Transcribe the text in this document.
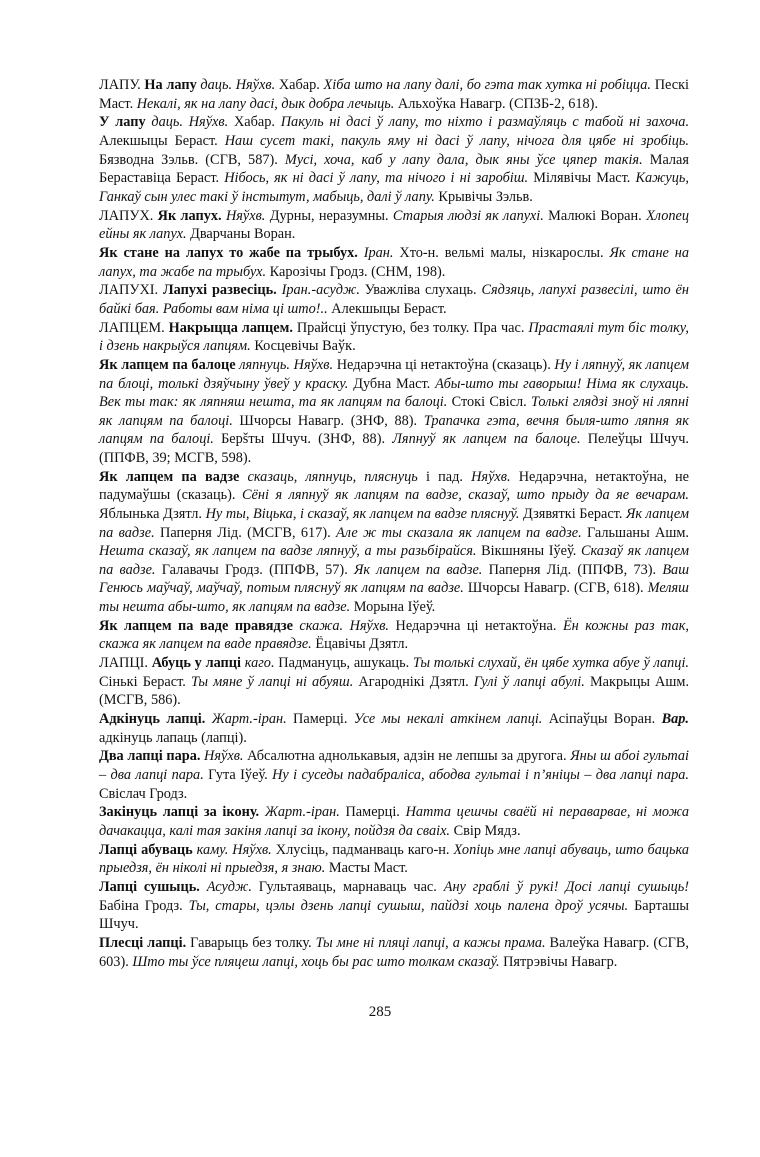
ЛАПУ. На лапу даць. Няўхв. Хабар. Хіба што на лапу далі, бо гэта так хутка ні робіцца. Пескі Маст. Некалі, як на лапу дасі, дык добра лечыць. Альхоўка Навагр. (СПЗБ-2, 618).
У лапу даць. Няўхв. Хабар. Пакуль ні дасі ў лапу, то ніхто і размаўляць с табой ні захоча. Алекшыцы Бераст. Наш сусет такі, пакуль яму ні дасі ў лапу, нічога для цябе ні зробіць. Бязводна Зэльв. (СГВ, 587). Мусі, хоча, каб у лапу дала, дык яны ўсе цяпер такія. Малая Бераставіца Бераст. Нібось, як ні дасі ў лапу, та нічого і ні заробіш. Мілявічы Маст. Кажуць, Ганкаў сын улес такі ў інстытут, мабыць, далі ў лапу. Крывічы Зэльв.
ЛАПУХ. Як лапух. Няўхв. Дурны, неразумны. Старыя людзі як лапухі. Малюкі Воран. Хлопец ейны як лапух. Дварчаны Воран.
Як стане на лапух то жабе па трыбух. Іран. Хто-н. вельмі малы, нізкарослы. Як стане на лапух, та жабе па трыбух. Карозічы Гродз. (СНМ, 198).
ЛАПУХІ. Лапухі развесіць. Іран.-асудж. Уважліва слухаць. Сядзяць, лапухі развесілі, што ён байкі бая. Работы вам німа ці што!.. Алекшыцы Бераст.
ЛАПЦЕМ. Накрыцца лапцем. Прайсці ўпустую, без толку. Пра час. Прастаялі тут біс толку, і дзень накрыўся лапцям. Косцевічы Ваўк.
Як лапцем па балоце ляпнуць. Няўхв. Недарэчна ці нетактоўна (сказаць). Ну і ляпнуў, як лапцем па блоці, толькі дзяўчыну ўвеў у краску. Дубна Маст. Абы-што ты гаворыш! Німа як слухаць. Век ты так: як ляпняш нешта, та як лапцям па балоці. Стокі Свісл. Толькі глядзі зноў ні ляпні як лапцям па балоці. Шчорсы Навагр. (ЗНФ, 88). Трапачка гэта, вечня быля-што ляпня як лапцям па балоці. Берšты Шчуч. (ЗНФ, 88). Ляпнуў як лапцем па балоце. Пелеўцы Шчуч. (ППФВ, 39; МСГВ, 598).
Як лапцем па вадзе сказаць, ляпнуць, пляснуць і пад. Няўхв. Недарэчна, нетактоўна, не падумаўшы (сказаць). Сёні я ляпнуў як лапцям па вадзе, сказаў, што прыду да яе вечарам. Яблынька Дзятл. Ну ты, Віцька, і сказаў, як лапцем па вадзе пляснуў. Дзявяткі Бераст. Як лапцем па вадзе. Паперня Лід. (МСГВ, 617). Але ж ты сказала як лапцем па вадзе. Гальшаны Ашм. Нешта сказаў, як лапцем па вадзе ляпнуў, а ты разьбірайся. Вікшняны Іўеў. Сказаў як лапцем па вадзе. Галавачы Гродз. (ППФВ, 57). Як лапцем па вадзе. Паперня Лід. (ППФВ, 73). Ваш Генюсь маўчаў, маўчаў, потым пляснуў як лапцям па вадзе. Шчорсы Навагр. (СГВ, 618). Меляш ты нешта абы-што, як лапцям па вадзе. Морына Іўеў.
Як лапцем па ваде правядзе скажа. Няўхв. Недарэчна ці нетактоўна. Ён кожны раз так, скажа як лапцем па ваде правядзе. Ёцавічы Дзятл.
ЛАПЦІ. Абуць у лапці каго. Падмануць, ашукаць. Ты толькі слухай, ён цябе хутка абуе ў лапці. Сінькі Бераст. Ты мяне ў лапці ні абуяш. Агароднікі Дзятл. Гулі ў лапці абулі. Макрыцы Ашм. (МСГВ, 586).
Адкінуць лапці. Жарт.-іран. Памерці. Усе мы некалі аткінем лапці. Асіпаўцы Воран. Вар. адкінуць лапаць (лапці).
Два лапці пара. Няўхв. Абсалютна аднолькавыя, адзін не лепшы за другога. Яны ш абоі гультаі – два лапці пара. Гута Іўеў. Ну і суседы падабраліса, абодва гультаі і п’яніцы – два лапці пара. Свіслач Гродз.
Закінуць лапці за ікону. Жарт.-іран. Памерці. Натта цешчы сваёй ні пераварвае, ні можа дачакацца, калі тая закіня лапці за ікону, пойдзя да сваіх. Свір Мядз.
Лапці абуваць каму. Няўхв. Хлусіць, падманваць каго-н. Хопіць мне лапці абуваць, што бацька прыедзя, ён ніколі ні прыедзя, я знаю. Масты Маст.
Лапці сушыць. Асудж. Гультаяваць, марнаваць час. Ану граблі ў рукі! Досі лапці сушыць! Бабіна Гродз. Ты, стары, цэлы дзень лапці сушыш, пайдзі хоць палена дроў усячы. Барташы Шчуч.
Плесці лапці. Гаварыць без толку. Ты мне ні пляці лапці, а кажы прама. Валеўка Навагр. (СГВ, 603). Што ты ўсе пляцеш лапці, хоць бы рас што толкам сказаў. Пятрэвічы Навагр.
285
